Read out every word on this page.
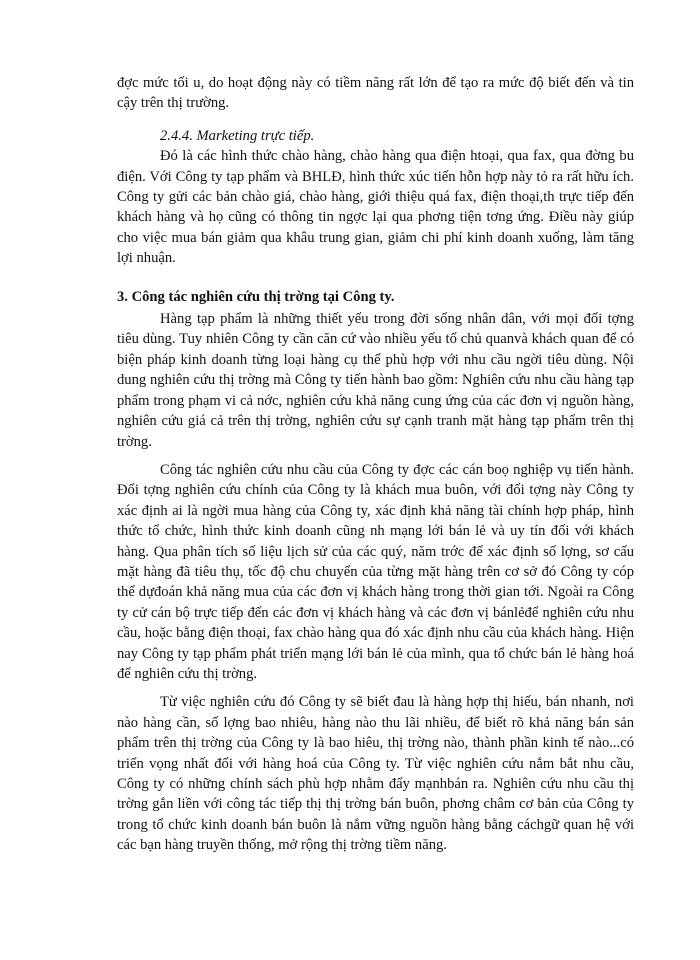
đợc mức tối u, do hoạt động này có tiềm năng rất lớn để tạo ra mức độ biết đến và tin cậy trên thị trường.

2.4.4. Marketing trực tiếp.

Đó là các hình thức chào hàng, chào hàng qua điện htoại, qua fax, qua đờng bu điện. Với Công ty tạp phẩm và BHLĐ, hình thức xúc tiến hỗn hợp này tỏ ra rất hữu ích. Công ty gửi các bản chào giá, chào hàng, giới thiệu quá fax, điện thoại,th trực tiếp đến khách hàng và họ cũng có thông tin ngợc lại qua phơng tiện tơng ứng. Điều này giúp cho việc mua bán giảm qua khâu trung gian, giảm chi phí kinh doanh xuống, làm tăng lợi nhuận.

3. Công tác nghiên cứu thị trờng tại Công ty.

Hàng tạp phẩm là những thiết yếu trong đời sống nhân dân, với mọi đối tợng tiêu dùng. Tuy nhiên Công ty cần căn cứ vào nhiều yếu tố chủ quanvà khách quan để có biện pháp kinh doanh từng loại hàng cụ thể phù hợp với nhu cầu ngời tiêu dùng. Nội dung nghiên cứu thị trờng mà Công ty tiến hành bao gồm: Nghiên cứu nhu cầu hàng tạp phẩm trong phạm vi cả nớc, nghiên cứu khả năng cung ứng của các đơn vị nguồn hàng, nghiên cứu giá cả trên thị trờng, nghiên cứu sự cạnh tranh mặt hàng tạp phẩm trên thị trờng.

Công tác nghiên cứu nhu cầu của Công ty đợc các cán boọ nghiệp vụ tiến hành. Đối tợng nghiên cứu chính của Công ty là khách mua buôn, với đối tợng này Công ty xác định ai là ngời mua hàng của Công ty, xác định khả năng tài chính hợp pháp, hình thức tổ chức, hình thức kinh doanh cũng nh mạng lới bán lẻ và uy tín đối với khách hàng. Qua phân tích số liệu lịch sử của các quý, năm trớc để xác định số lợng, sơ cấu mặt hàng đã tiêu thụ, tốc độ chu chuyển của từng mặt hàng trên cơ sở đó Công ty cóp thể dựđoán khả năng mua của các đơn vị khách hàng trong thời gian tới. Ngoài ra Công ty cử cán bộ trực tiếp đến các đơn vị khách hàng và các đơn vị bánlẻđể nghiên cứu nhu cầu, hoặc bằng điện thoại, fax chào hàng qua đó xác định nhu cầu của khách hàng. Hiện nay Công ty tạp phẩm phát triển mạng lới bán lẻ của mình, qua tổ chức bán lẻ hàng hoá để nghiên cứu thị trờng.

Từ việc nghiên cứu đó Công ty sẽ biết đau là hàng hợp thị hiếu, bán nhanh, nơi nào hàng cần, số lợng bao nhiêu, hàng nào thu lãi nhiều, để biết rõ khả năng bán sản phẩm trên thị trờng của Công ty là bao hiêu, thị trờng nào, thành phần kinh tế nào...có triển vọng nhất đối với hàng hoá của Công ty. Từ việc nghiên cứu nắm bắt nhu cầu, Công ty có những chính sách phù hợp nhằm đẩy mạnhbán ra. Nghiên cứu nhu cầu thị trờng gắn liền với công tác tiếp thị thị trờng bán buôn, phơng châm cơ bản của Công ty trong tổ chức kinh doanh bán buôn là nắm vững nguồn hàng bằng cáchgữ quan hệ với các bạn hàng truyền thống, mở rộng thị trờng tiềm năng.
